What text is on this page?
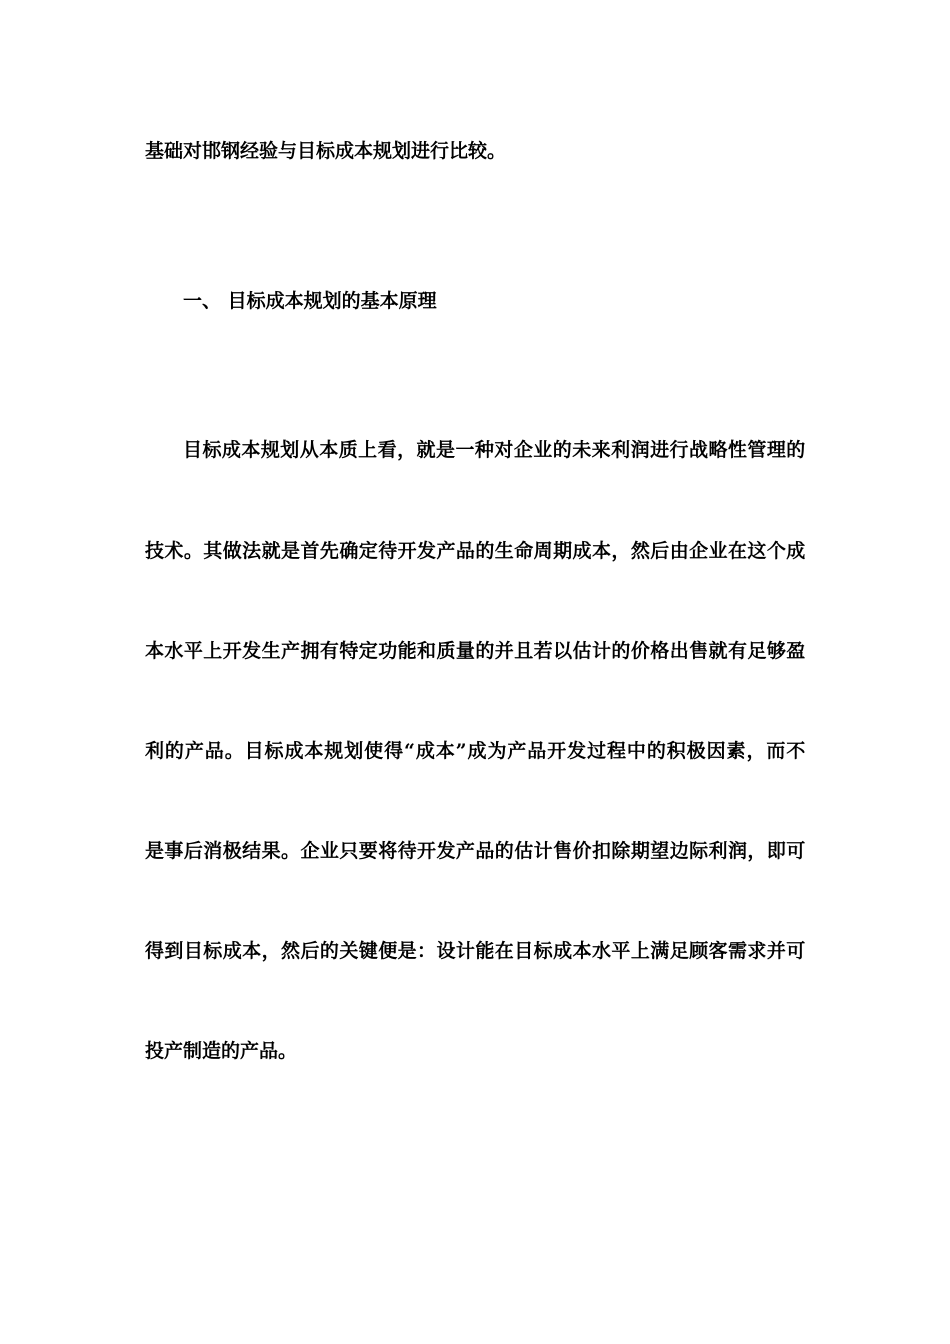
基础对邯钢经验与目标成本规划进行比较。
一、 目标成本规划的基本原理
目标成本规划从本质上看，就是一种对企业的未来利润进行战略性管理的
技术。其做法就是首先确定待开发产品的生命周期成本，然后由企业在这个成
本水平上开发生产拥有特定功能和质量的并且若以估计的价格出售就有足够盈
利的产品。目标成本规划使得“成本”成为产品开发过程中的积极因素，而不
是事后消极结果。企业只要将待开发产品的估计售价扣除期望边际利润，即可
得到目标成本，然后的关键便是：设计能在目标成本水平上满足顾客需求并可
投产制造的产品。
